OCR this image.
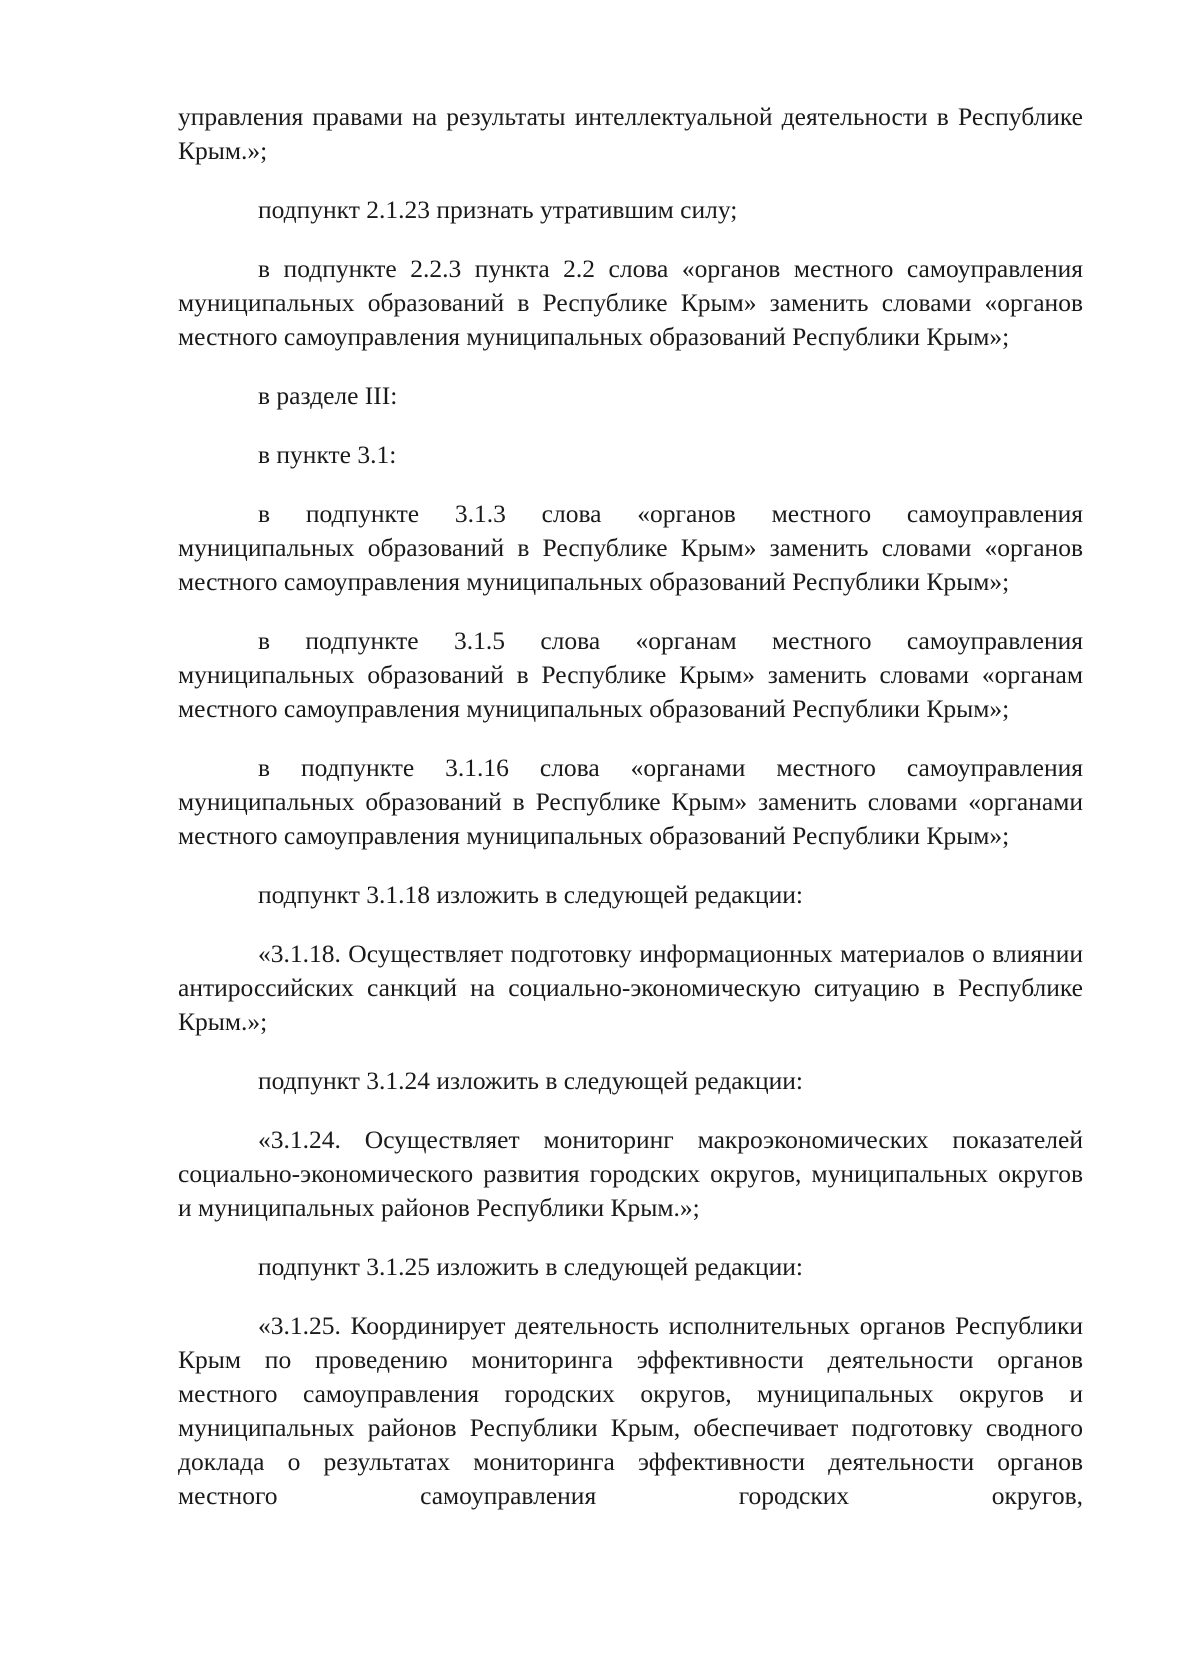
управления правами на результаты интеллектуальной деятельности в Республике Крым.»;

подпункт 2.1.23 признать утратившим силу;

в подпункте 2.2.3 пункта 2.2 слова «органов местного самоуправления муниципальных образований в Республике Крым» заменить словами «органов местного самоуправления муниципальных образований Республики Крым»;

в разделе III:

в пункте 3.1:

в подпункте 3.1.3 слова «органов местного самоуправления муниципальных образований в Республике Крым» заменить словами «органов местного самоуправления муниципальных образований Республики Крым»;

в подпункте 3.1.5 слова «органам местного самоуправления муниципальных образований в Республике Крым» заменить словами «органам местного самоуправления муниципальных образований Республики Крым»;

в подпункте 3.1.16 слова «органами местного самоуправления муниципальных образований в Республике Крым» заменить словами «органами местного самоуправления муниципальных образований Республики Крым»;

подпункт 3.1.18 изложить в следующей редакции:

«3.1.18. Осуществляет подготовку информационных материалов о влиянии антироссийских санкций на социально-экономическую ситуацию в Республике Крым.»;

подпункт 3.1.24 изложить в следующей редакции:

«3.1.24. Осуществляет мониторинг макроэкономических показателей социально-экономического развития городских округов, муниципальных округов и муниципальных районов Республики Крым.»;

подпункт 3.1.25 изложить в следующей редакции:

«3.1.25. Координирует деятельность исполнительных органов Республики Крым по проведению мониторинга эффективности деятельности органов местного самоуправления городских округов, муниципальных округов и муниципальных районов Республики Крым, обеспечивает подготовку сводного доклада о результатах мониторинга эффективности деятельности органов местного самоуправления городских округов,
